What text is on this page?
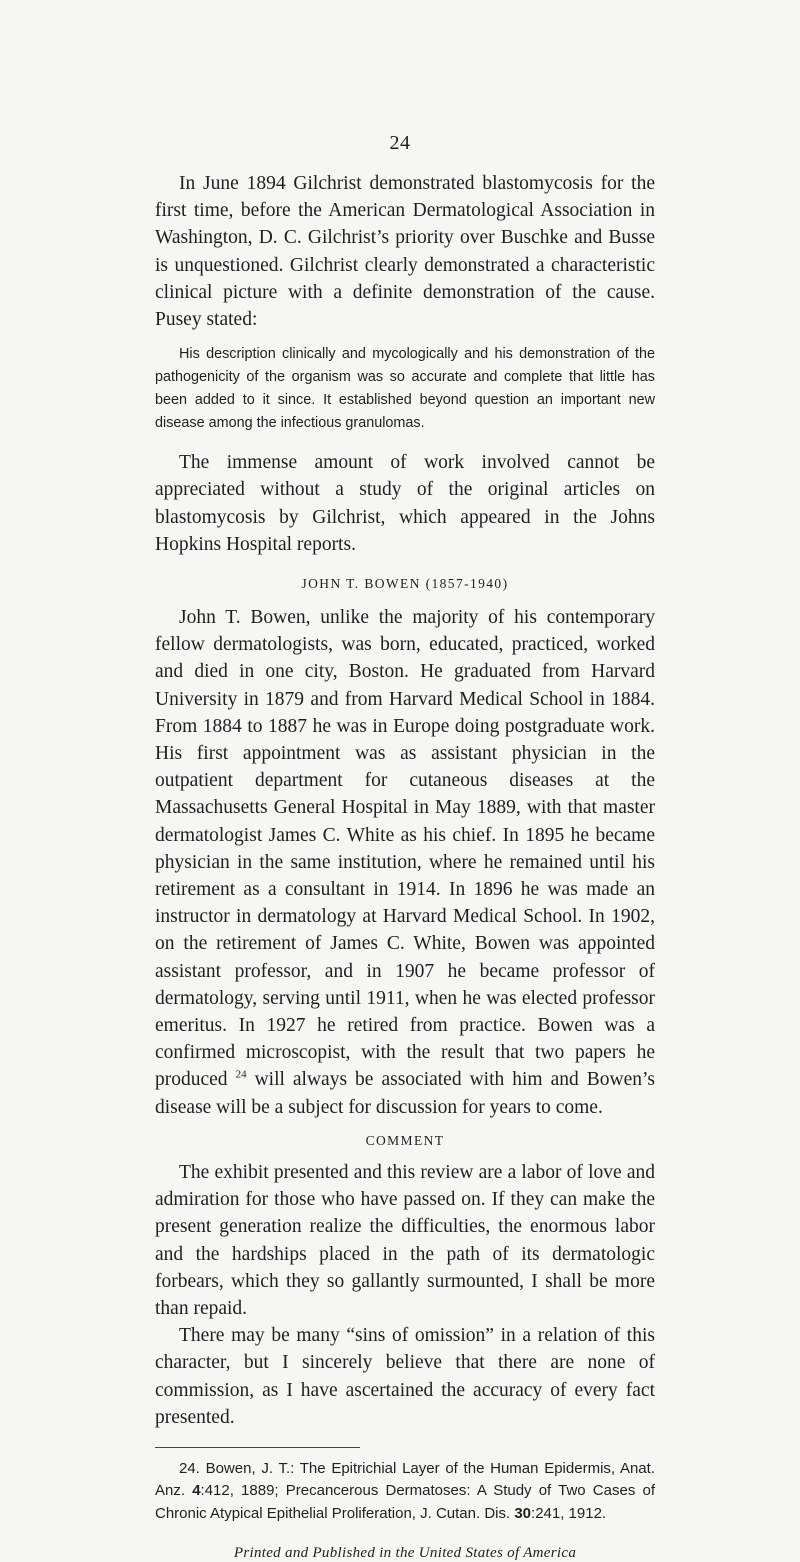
24

In June 1894 Gilchrist demonstrated blastomycosis for the first time, before the American Dermatological Association in Washington, D. C. Gilchrist’s priority over Buschke and Busse is unquestioned. Gilchrist clearly demonstrated a characteristic clinical picture with a definite demonstration of the cause. Pusey stated:

His description clinically and mycologically and his demonstration of the pathogenicity of the organism was so accurate and complete that little has been added to it since. It established beyond question an important new disease among the infectious granulomas.

The immense amount of work involved cannot be appreciated without a study of the original articles on blastomycosis by Gilchrist, which appeared in the Johns Hopkins Hospital reports.

JOHN T. BOWEN (1857-1940)

John T. Bowen, unlike the majority of his contemporary fellow dermatologists, was born, educated, practiced, worked and died in one city, Boston. He graduated from Harvard University in 1879 and from Harvard Medical School in 1884. From 1884 to 1887 he was in Europe doing postgraduate work. His first appointment was as assistant physician in the outpatient department for cutaneous diseases at the Massachusetts General Hospital in May 1889, with that master dermatologist James C. White as his chief. In 1895 he became physician in the same institution, where he remained until his retirement as a consultant in 1914. In 1896 he was made an instructor in dermatology at Harvard Medical School. In 1902, on the retirement of James C. White, Bowen was appointed assistant professor, and in 1907 he became professor of dermatology, serving until 1911, when he was elected professor emeritus. In 1927 he retired from practice. Bowen was a confirmed microscopist, with the result that two papers he produced $^{24}$ will always be associated with him and Bowen’s disease will be a subject for discussion for years to come.

COMMENT

The exhibit presented and this review are a labor of love and admiration for those who have passed on. If they can make the present generation realize the difficulties, the enormous labor and the hardships placed in the path of its dermatologic forbears, which they so gallantly surmounted, I shall be more than repaid.

There may be many “sins of omission” in a relation of this character, but I sincerely believe that there are none of commission, as I have ascertained the accuracy of every fact presented.

24. Bowen, J. T.: The Epitrichial Layer of the Human Epidermis, Anat. Anz. 4:412, 1889; Precancerous Dermatoses: A Study of Two Cases of Chronic Atypical Epithelial Proliferation, J. Cutan. Dis. 30:241, 1912.

Printed and Published in the United States of America
